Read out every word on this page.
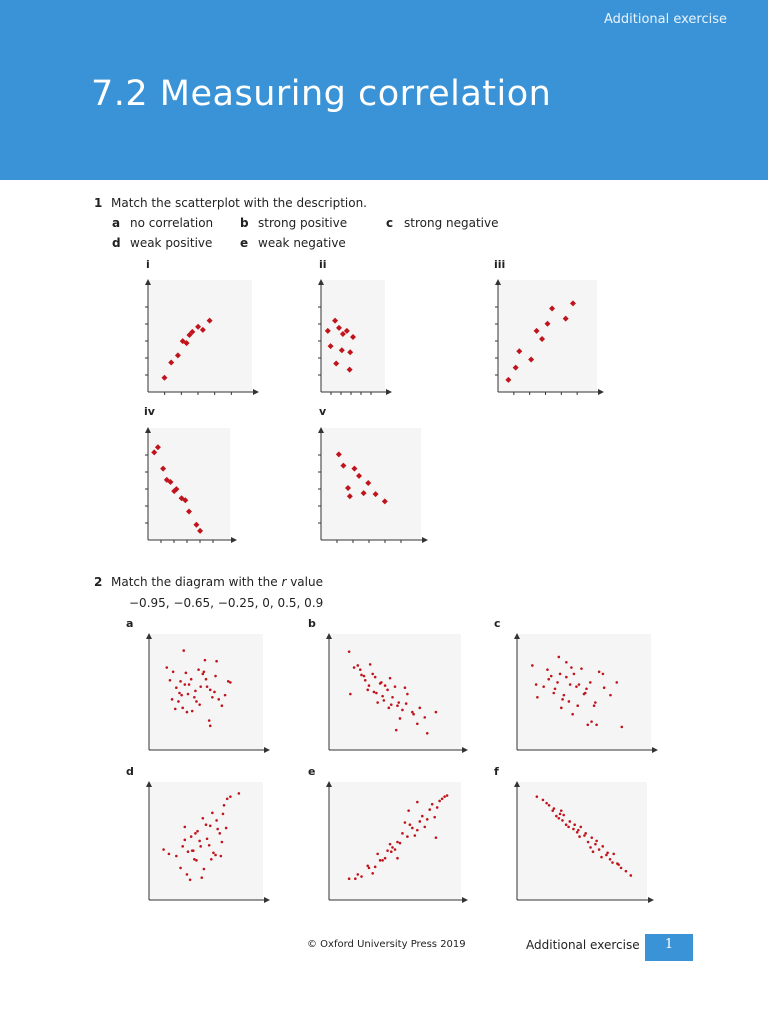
Additional exercise
7.2 Measuring correlation
1 Match the scatterplot with the description.
a no correlation b strong positive	c strong negative
d weak positive e weak negative
i	ii	iii
iv	v
2 Match the diagram with the r value
−0.95, −0.65, −0.25, 0, 0.5, 0.9
a	b	c
d	e	f
© Oxford University Press 2019	Additional exercise	1
